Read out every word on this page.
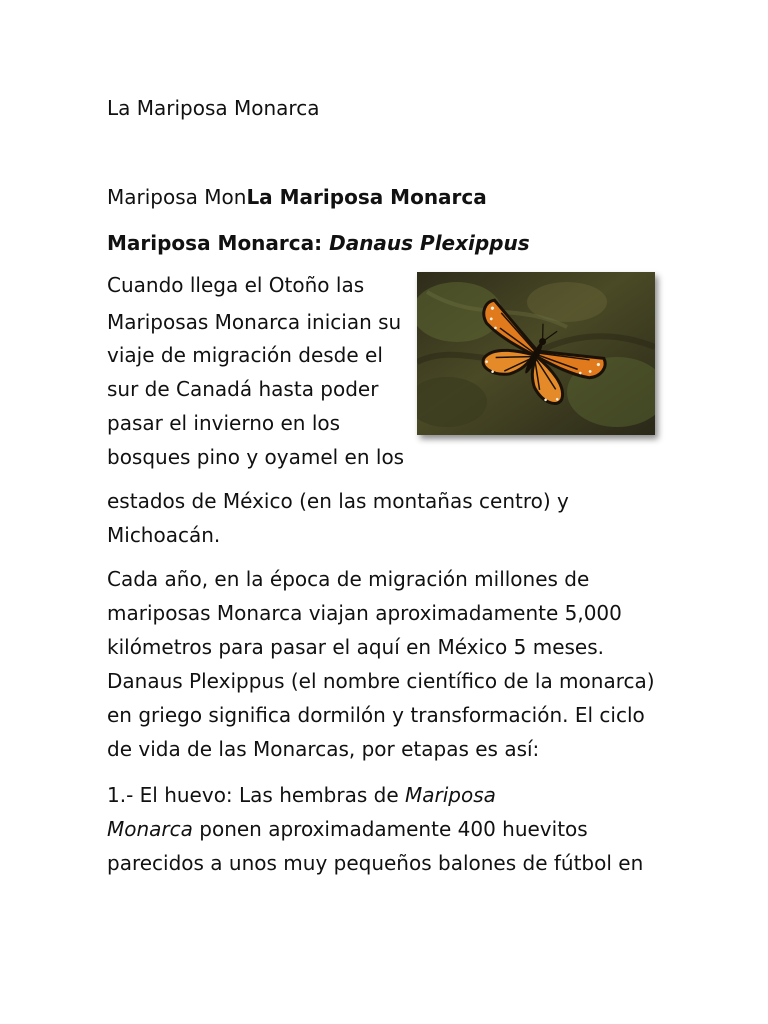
La Mariposa Monarca

Mariposa MonLa Mariposa Monarca

Mariposa Monarca: Danaus Plexippus

Cuando llega el Otoño las

Mariposas Monarca inician su

viaje de migración desde el

sur de Canadá hasta poder

pasar el invierno en los

bosques pino y oyamel en los

estados de México (en las montañas centro) y

Michoacán.

Cada año, en la época de migración millones de

mariposas Monarca viajan aproximadamente 5,000

kilómetros para pasar el aquí en México 5 meses.

Danaus Plexippus (el nombre científico de la monarca)

en griego significa dormilón y transformación. El ciclo

de vida de las Monarcas, por etapas es así:

1.- El huevo: Las hembras de Mariposa

Monarca ponen aproximadamente 400 huevitos

parecidos a unos muy pequeños balones de fútbol en
